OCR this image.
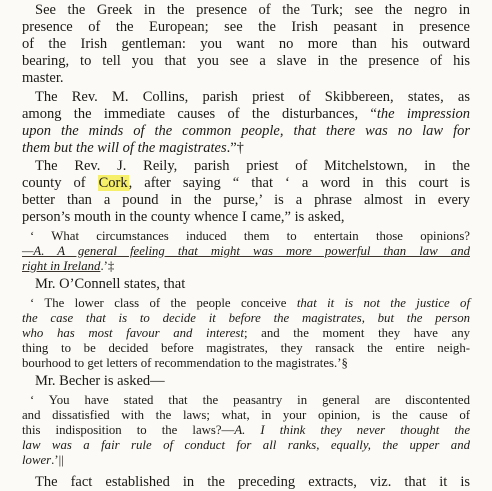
See the Greek in the presence of the Turk; see the negro in
presence of the European; see the Irish peasant in presence
of the Irish gentleman: you want no more than his outward
bearing, to tell you that you see a slave in the presence of his
master.
The Rev. M. Collins, parish priest of Skibbereen, states, as
among the immediate causes of the disturbances, “the impression
upon the minds of the common people, that there was no law for
them but the will of the magistrates.”†
The Rev. J. Reily, parish priest of Mitchelstown, in the
county of Cork, after saying “ that ‘ a word in this court is
better than a pound in the purse,’ is a phrase almost in every
person’s mouth in the county whence I came,” is asked,
‘ What circumstances induced them to entertain those opinions?
—A. A general feeling that might was more powerful than law and
right in Ireland.’‡
Mr. O’Connell states, that
‘ The lower class of the people conceive that it is not the justice of
the case that is to decide it before the magistrates, but the person
who has most favour and interest; and the moment they have any
thing to be decided before magistrates, they ransack the entire neigh-
bourhood to get letters of recommendation to the magistrates.’§
Mr. Becher is asked—
‘ You have stated that the peasantry in general are discontented
and dissatisfied with the laws; what, in your opinion, is the cause of
this indisposition to the laws?—A. I think they never thought the
law was a fair rule of conduct for all ranks, equally, the upper and
lower.’||
The fact established in the preceding extracts, viz. that it is
